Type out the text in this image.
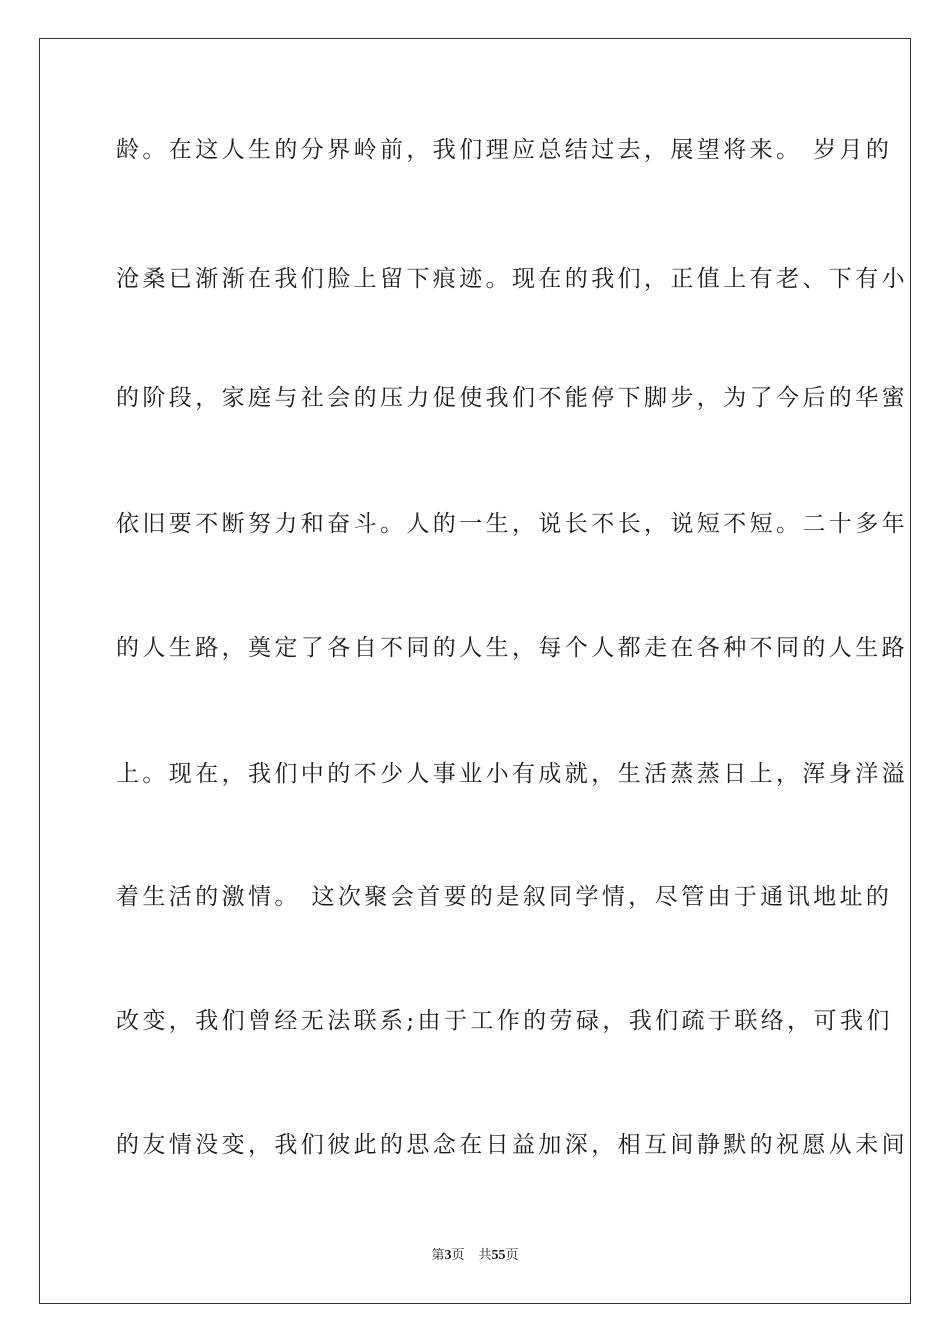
龄。在这人生的分界岭前，我们理应总结过去，展望将来。 岁月的
沧桑已渐渐在我们脸上留下痕迹。现在的我们，正值上有老、下有小
的阶段，家庭与社会的压力促使我们不能停下脚步，为了今后的华蜜
依旧要不断努力和奋斗。人的一生，说长不长，说短不短。二十多年
的人生路，奠定了各自不同的人生，每个人都走在各种不同的人生路
上。现在，我们中的不少人事业小有成就，生活蒸蒸日上，浑身洋溢
着生活的激情。 这次聚会首要的是叙同学情，尽管由于通讯地址的
改变，我们曾经无法联系;由于工作的劳碌，我们疏于联络，可我们
的友情没变，我们彼此的思念在日益加深，相互间静默的祝愿从未间
第3页 共55页
